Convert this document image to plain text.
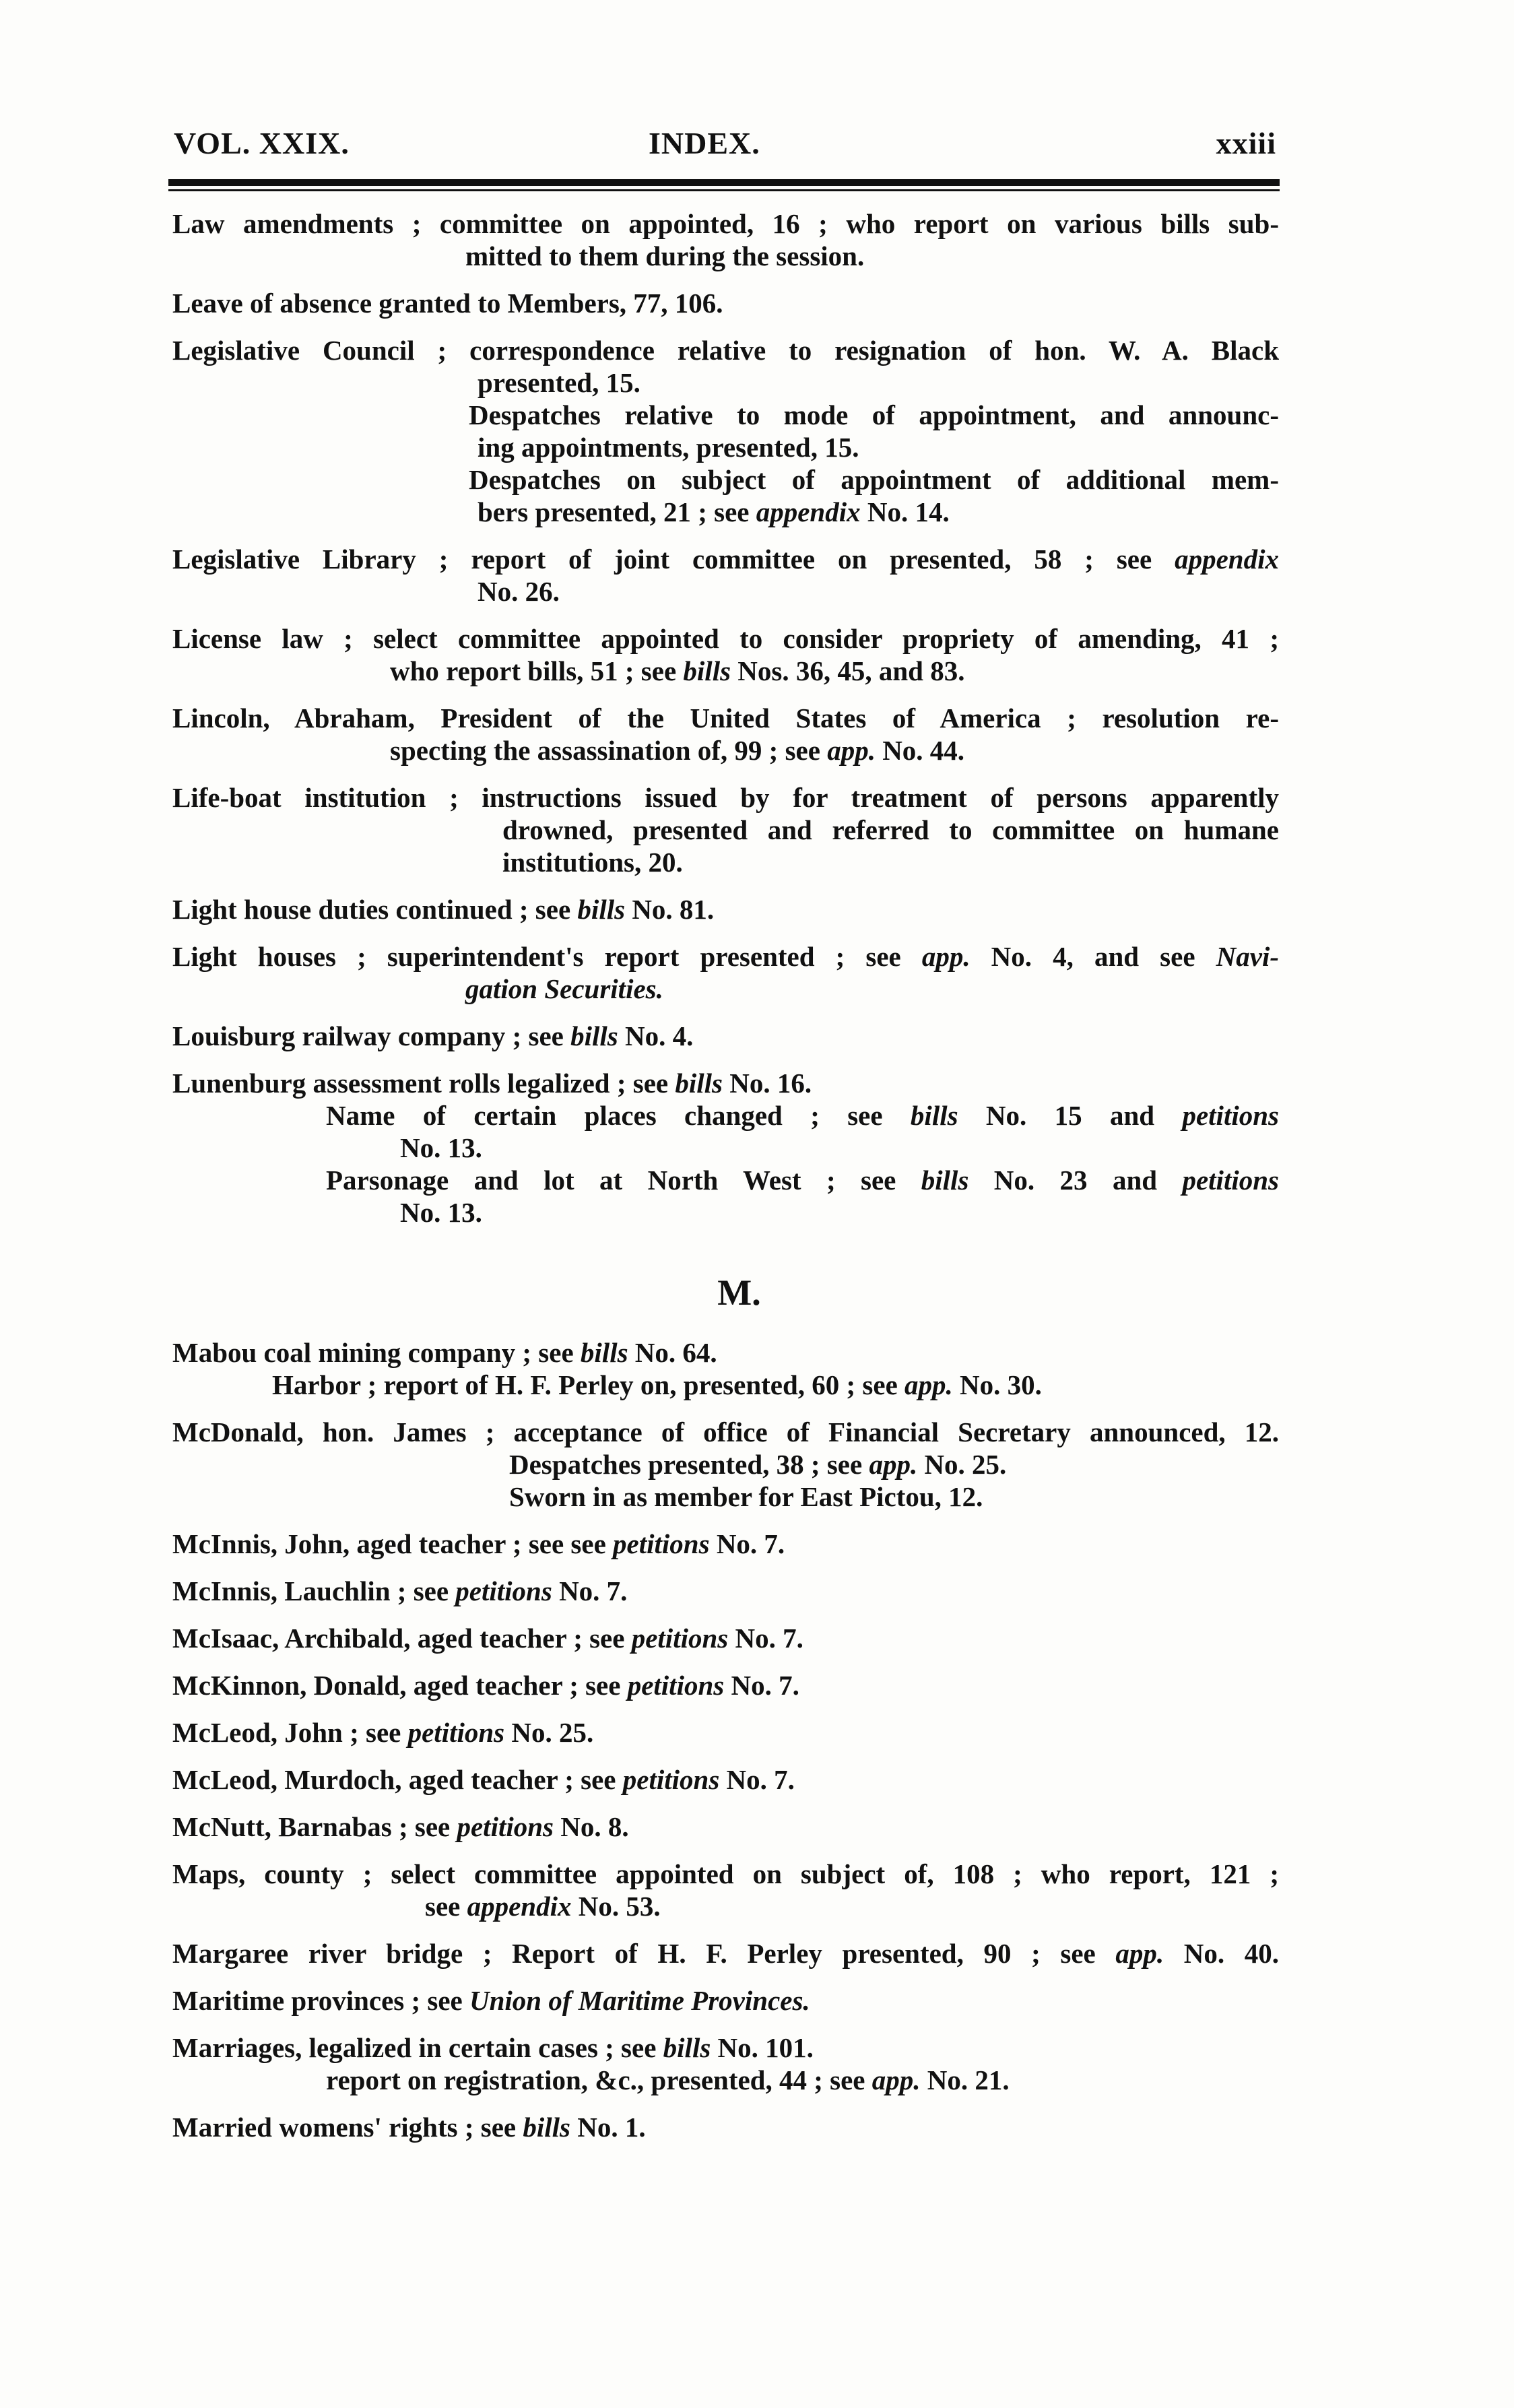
VOL. XXIX.	INDEX.	xxiii
Law amendments ; committee on appointed, 16 ; who report on various bills sub-
mitted to them during the session.
Leave of absence granted to Members, 77, 106.
Legislative Council ; correspondence relative to resignation of hon. W. A. Black
presented, 15.
Despatches relative to mode of appointment, and announc-
ing appointments, presented, 15.
Despatches on subject of appointment of additional mem-
bers presented, 21 ; see appendix No. 14.
Legislative Library ; report of joint committee on presented, 58 ; see appendix
No. 26.
License law ; select committee appointed to consider propriety of amending, 41 ;
who report bills, 51 ; see bills Nos. 36, 45, and 83.
Lincoln, Abraham, President of the United States of America ; resolution re-
specting the assassination of, 99 ; see app. No. 44.
Life-boat institution ; instructions issued by for treatment of persons apparently
drowned, presented and referred to committee on humane
institutions, 20.
Light house duties continued ; see bills No. 81.
Light houses ; superintendent's report presented ; see app. No. 4, and see Navi-
gation Securities.
Louisburg railway company ; see bills No. 4.
Lunenburg assessment rolls legalized ; see bills No. 16.
Name of certain places changed ; see bills No. 15 and petitions
No. 13.
Parsonage and lot at North West ; see bills No. 23 and petitions
No. 13.
M.
Mabou coal mining company ; see bills No. 64.
Harbor ; report of H. F. Perley on, presented, 60 ; see app. No. 30.
McDonald, hon. James ; acceptance of office of Financial Secretary announced, 12.
Despatches presented, 38 ; see app. No. 25.
Sworn in as member for East Pictou, 12.
McInnis, John, aged teacher ; see see petitions No. 7.
McInnis, Lauchlin ; see petitions No. 7.
McIsaac, Archibald, aged teacher ; see petitions No. 7.
McKinnon, Donald, aged teacher ; see petitions No. 7.
McLeod, John ; see petitions No. 25.
McLeod, Murdoch, aged teacher ; see petitions No. 7.
McNutt, Barnabas ; see petitions No. 8.
Maps, county ; select committee appointed on subject of, 108 ; who report, 121 ;
see appendix No. 53.
Margaree river bridge ; Report of H. F. Perley presented, 90 ; see app. No. 40.
Maritime provinces ; see Union of Maritime Provinces.
Marriages, legalized in certain cases ; see bills No. 101.
report on registration, &c., presented, 44 ; see app. No. 21.
Married womens' rights ; see bills No. 1.
